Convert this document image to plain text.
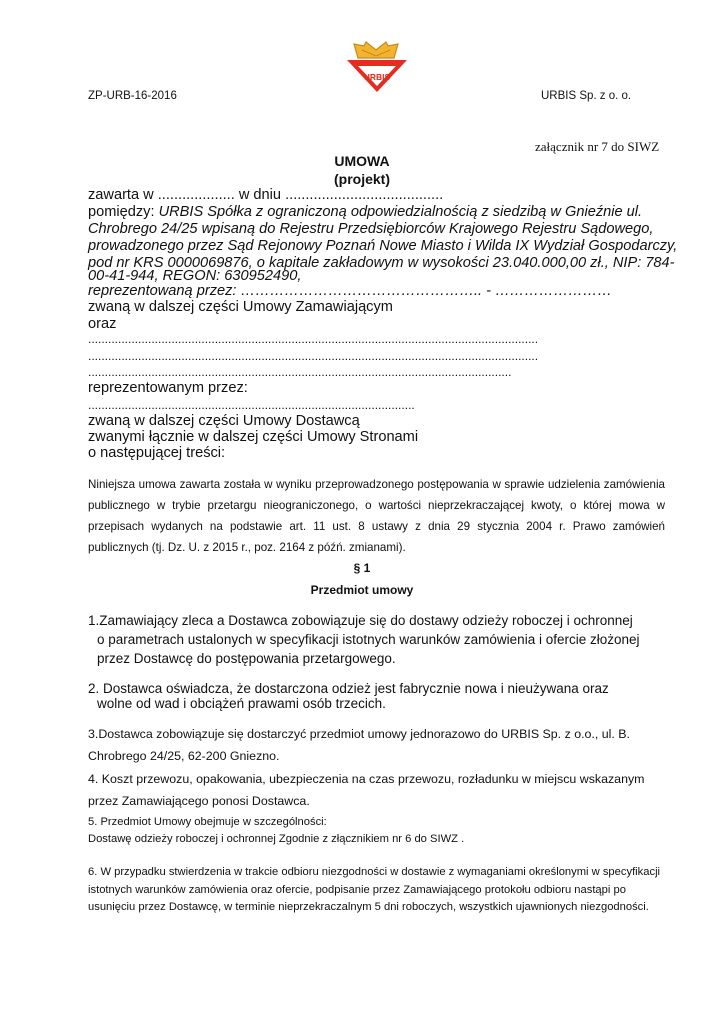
URBIS
ZP-URB-16-2016	URBIS Sp. z o. o.
załącznik nr 7 do SIWZ
UMOWA
(projekt)
zawarta w ................... w dniu .......................................
pomiędzy: URBIS Spółka z ograniczoną odpowiedzialnością z siedzibą w Gnieźnie ul.
Chrobrego 24/25 wpisaną do Rejestru Przedsiębiorców Krajowego Rejestru Sądowego,
prowadzonego przez Sąd Rejonowy Poznań Nowe Miasto i Wilda IX Wydział Gospodarczy,
pod nr KRS 0000069876, o kapitale zakładowym w wysokości 23.040.000,00 zł., NIP: 784-
00-41-944, REGON: 630952490,
reprezentowaną przez: ………………………………………….. - ……………………
zwaną w dalszej części Umowy Zamawiającym
oraz
.......................................................................................................................................
.......................................................................................................................................
...............................................................................................................................
reprezentowanym przez:
..................................................................................................
zwaną w dalszej części Umowy Dostawcą
zwanymi łącznie w dalszej części Umowy Stronami
o następującej treści:
Niniejsza umowa zawarta została w wyniku przeprowadzonego postępowania w sprawie udzielenia zamówienia publicznego w trybie przetargu nieograniczonego, o wartości nieprzekraczającej kwoty, o której mowa w przepisach wydanych na podstawie art. 11 ust. 8 ustawy z dnia 29 stycznia 2004 r. Prawo zamówień publicznych (tj. Dz. U. z 2015 r., poz. 2164 z późń. zmianami).
§ 1
Przedmiot umowy
1.Zamawiający zleca a Dostawca zobowiązuje się do dostawy odzieży roboczej i ochronnej
o parametrach ustalonych w specyfikacji istotnych warunków zamówienia i ofercie złożonej
przez Dostawcę do postępowania przetargowego.
2. Dostawca oświadcza, że dostarczona odzież jest fabrycznie nowa i nieużywana oraz
wolne od wad i obciążeń prawami osób trzecich.
3.Dostawca zobowiązuje się dostarczyć przedmiot umowy jednorazowo do URBIS Sp. z o.o., ul. B.
Chrobrego 24/25, 62-200 Gniezno.
4. Koszt przewozu, opakowania, ubezpieczenia na czas przewozu, rozładunku w miejscu wskazanym
przez Zamawiającego ponosi Dostawca.
5. Przedmiot Umowy obejmuje w szczególności:
Dostawę odzieży roboczej i ochronnej Zgodnie z złącznikiem nr 6 do SIWZ .
6. W przypadku stwierdzenia w trakcie odbioru niezgodności w dostawie z wymaganiami określonymi w specyfikacji istotnych warunków zamówienia oraz ofercie, podpisanie przez Zamawiającego protokołu odbioru nastąpi po usunięciu przez Dostawcę, w terminie nieprzekraczalnym 5 dni roboczych, wszystkich ujawnionych niezgodności.
